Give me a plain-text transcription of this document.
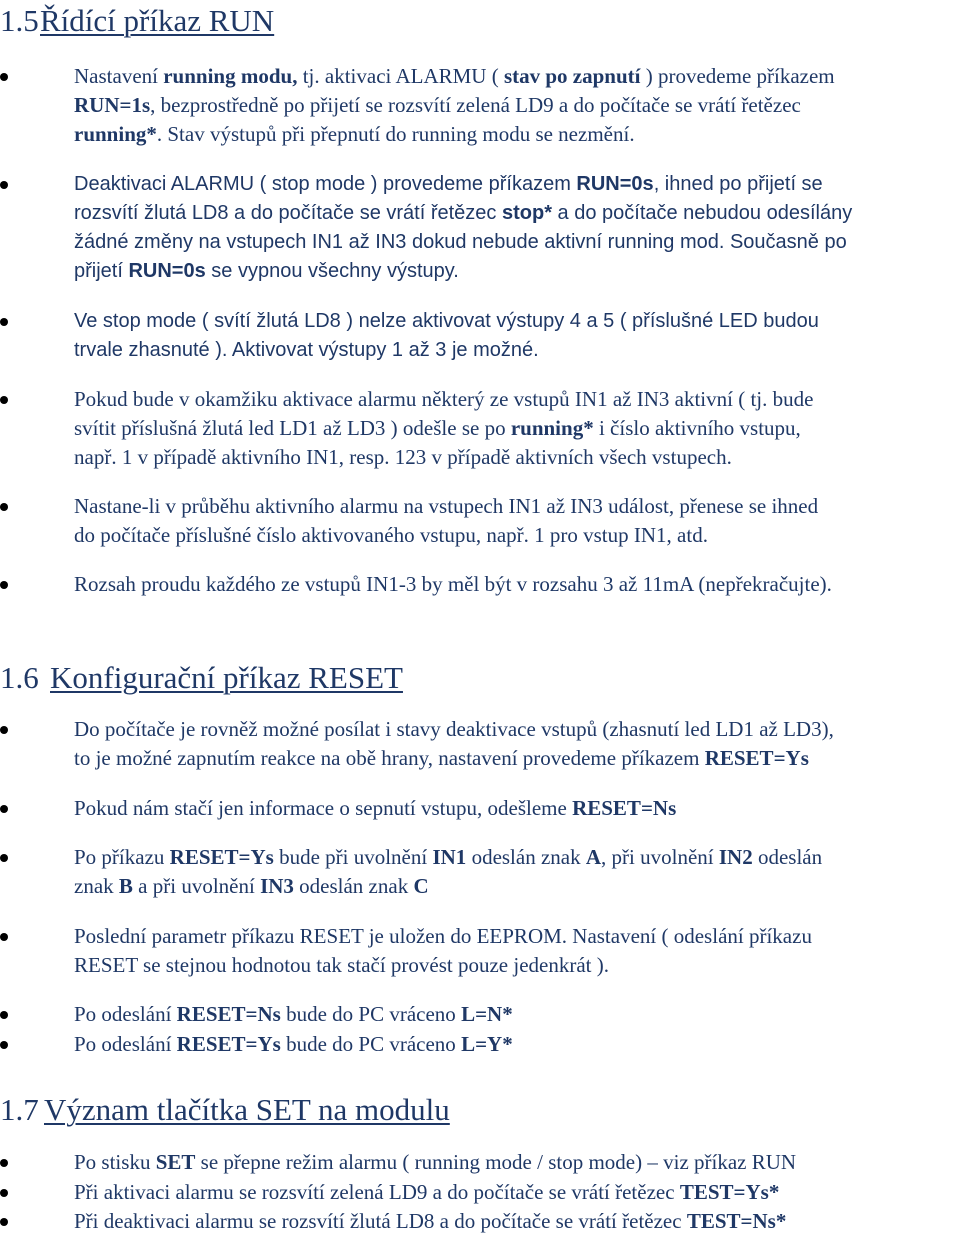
1.5Řídící příkaz RUN
Nastavení running modu, tj. aktivaci ALARMU ( stav po zapnutí ) provedeme příkazem
RUN=1s, bezprostředně po přijetí se rozsvítí zelená LD9 a do počítače se vrátí řetězec
running*. Stav výstupů při přepnutí do running modu se nezmění.
Deaktivaci ALARMU ( stop mode ) provedeme příkazem RUN=0s, ihned po přijetí se
rozsvítí žlutá LD8 a do počítače se vrátí řetězec stop* a do počítače nebudou odesílány
žádné změny na vstupech IN1 až IN3 dokud nebude aktivní running mod. Současně po
přijetí RUN=0s se vypnou všechny výstupy.
Ve stop mode ( svítí žlutá LD8 ) nelze aktivovat výstupy 4 a 5 ( příslušné LED budou
trvale zhasnuté ). Aktivovat výstupy 1 až 3 je možné.
Pokud bude v okamžiku aktivace alarmu některý ze vstupů IN1 až IN3 aktivní ( tj. bude
svítit příslušná žlutá led LD1 až LD3 ) odešle se po running* i číslo aktivního vstupu,
např. 1 v případě aktivního IN1, resp. 123 v případě aktivních všech vstupech.
Nastane-li v průběhu aktivního alarmu na vstupech IN1 až IN3 událost, přenese se ihned
do počítače příslušné číslo aktivovaného vstupu, např. 1 pro vstup IN1, atd.
Rozsah proudu každého ze vstupů IN1-3 by měl být v rozsahu 3 až 11mA (nepřekračujte).
1.6 Konfigurační příkaz RESET
Do počítače je rovněž možné posílat i stavy deaktivace vstupů (zhasnutí led LD1 až LD3),
to je možné zapnutím reakce na obě hrany, nastavení provedeme příkazem RESET=Ys
Pokud nám stačí jen informace o sepnutí vstupu, odešleme RESET=Ns
Po příkazu RESET=Ys bude při uvolnění IN1 odeslán znak A, při uvolnění IN2 odeslán
znak B a při uvolnění IN3 odeslán znak C
Poslední parametr příkazu RESET je uložen do EEPROM. Nastavení ( odeslání příkazu
RESET se stejnou hodnotou tak stačí provést pouze jedenkrát ).
Po odeslání RESET=Ns bude do PC vráceno L=N*
Po odeslání RESET=Ys bude do PC vráceno L=Y*
1.7 Význam tlačítka SET na modulu
Po stisku SET se přepne režim alarmu ( running mode / stop mode) – viz příkaz RUN
Při aktivaci alarmu se rozsvítí zelená LD9 a do počítače se vrátí řetězec TEST=Ys*
Při deaktivaci alarmu se rozsvítí žlutá LD8 a do počítače se vrátí řetězec TEST=Ns*
